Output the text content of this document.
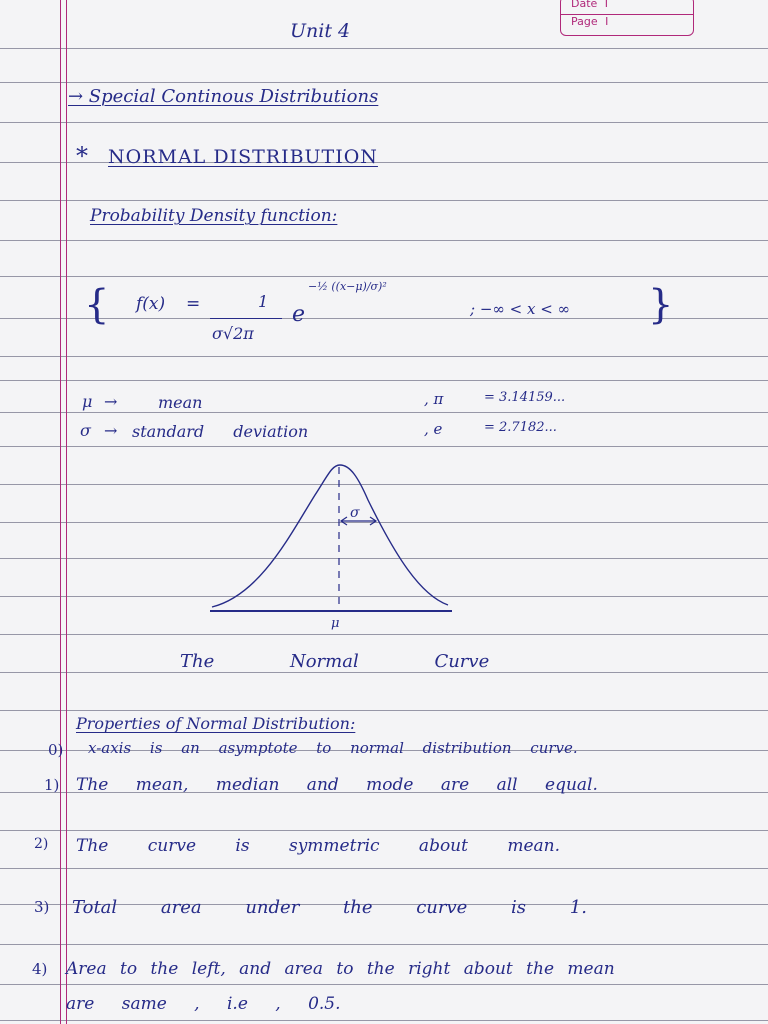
Date I
Page I
Unit 4
→ Special Continous Distributions
* NORMAL DISTRIBUTION
Probability Density function:
{ f(x) =	1
σ√2π
e
−½ ((x−μ)/σ)²
; −∞ < x < ∞ }
μ →	mean	, π	= 3.14159...
σ → standard deviation	, e	= 2.7182...
σ
μ
The Normal Curve
Properties of Normal Distribution:
0) x-axis is an asymptote to normal distribution curve.
1) The mean, median and mode are all equal.
2) The curve is symmetric about mean.
3) Total area under the curve is 1.
4) Area to the left, and area to the right about the mean
are same , i.e , 0.5.
